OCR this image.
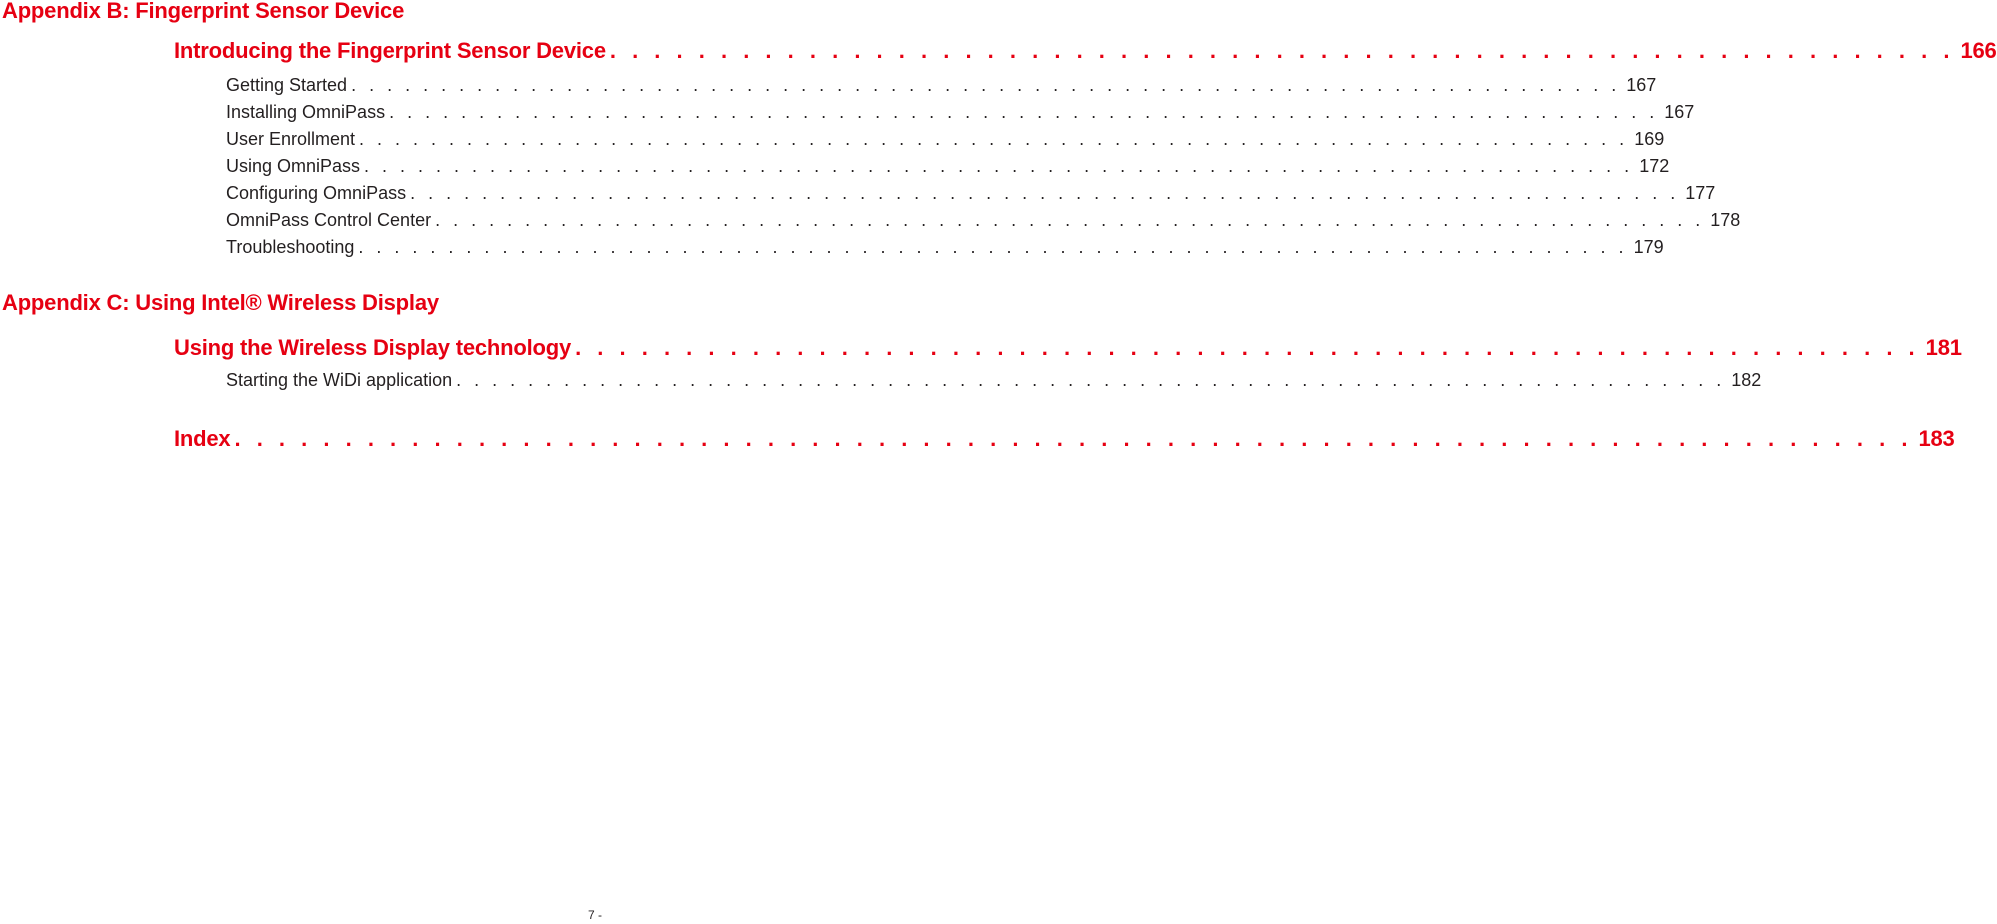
Appendix B: Fingerprint Sensor Device
Introducing the Fingerprint Sensor Device . . . . . . . . . . . . . . . . . . . . . . . . . . . . . . . . . . . . . . . . . . . . . . . . . . . . . . . . . . . . . 166
Getting Started . . . . . . . . . . . . . . . . . . . . . . . . . . . . . . . . . . . . . . . . . . . . . . . . . . . . . . . . . . . . . . . . . . . . . . . 167
Installing OmniPass . . . . . . . . . . . . . . . . . . . . . . . . . . . . . . . . . . . . . . . . . . . . . . . . . . . . . . . . . . . . . . . . . . . . . . . 167
User Enrollment . . . . . . . . . . . . . . . . . . . . . . . . . . . . . . . . . . . . . . . . . . . . . . . . . . . . . . . . . . . . . . . . . . . . . . . 169
Using OmniPass . . . . . . . . . . . . . . . . . . . . . . . . . . . . . . . . . . . . . . . . . . . . . . . . . . . . . . . . . . . . . . . . . . . . . . . 172
Configuring OmniPass . . . . . . . . . . . . . . . . . . . . . . . . . . . . . . . . . . . . . . . . . . . . . . . . . . . . . . . . . . . . . . . . . . . . . . . 177
OmniPass Control Center . . . . . . . . . . . . . . . . . . . . . . . . . . . . . . . . . . . . . . . . . . . . . . . . . . . . . . . . . . . . . . . . . . . . . . . 178
Troubleshooting . . . . . . . . . . . . . . . . . . . . . . . . . . . . . . . . . . . . . . . . . . . . . . . . . . . . . . . . . . . . . . . . . . . . . . . 179
Appendix C: Using Intel® Wireless Display
Using the Wireless Display technology . . . . . . . . . . . . . . . . . . . . . . . . . . . . . . . . . . . . . . . . . . . . . . . . . . . . . . . . . . . . . 181
Starting the WiDi application . . . . . . . . . . . . . . . . . . . . . . . . . . . . . . . . . . . . . . . . . . . . . . . . . . . . . . . . . . . . . . . . . . . . . . . 182
Index . . . . . . . . . . . . . . . . . . . . . . . . . . . . . . . . . . . . . . . . . . . . . . . . . . . . . . . . . . . . . . . . . . . . . . . . . . . . 183
7 -
